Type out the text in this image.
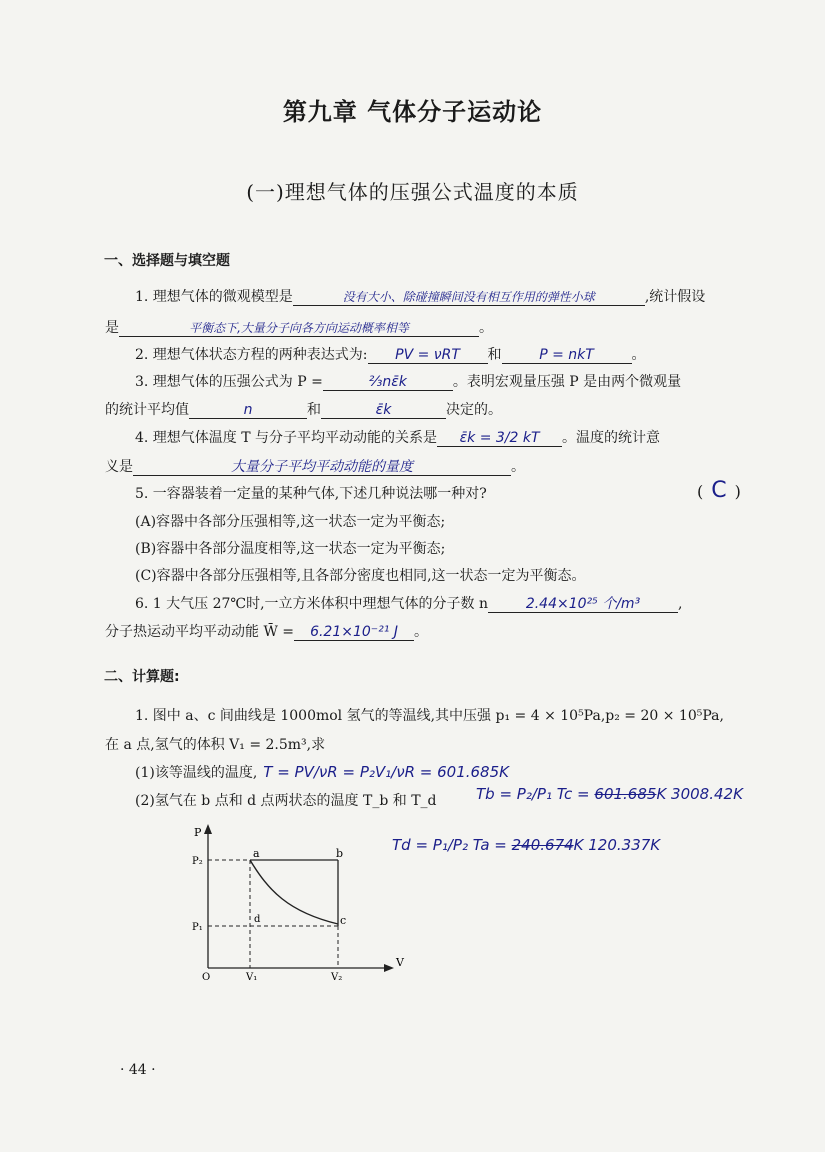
第九章 气体分子运动论
(一)理想气体的压强公式温度的本质
一、选择题与填空题
1. 理想气体的微观模型是	没有大小、除碰撞瞬间没有相互作用的弹性小球	,统计假设
是	平衡态下,大量分子向各方向运动概率相等	。
2. 理想气体状态方程的两种表达式为: PV = νRT 和	P = nkT	。
3. 理想气体的压强公式为 P =	⅔nε̄k	。表明宏观量压强 P 是由两个微观量
的统计平均值	n	和	ε̄k	决定的。
4. 理想气体温度 T 与分子平均平动动能的关系是 ε̄k = 3/2 kT 。温度的统计意
义是	大量分子平均平动动能的量度	。
5. 一容器装着一定量的某种气体,下述几种说法哪一种对?	( C )
(A)容器中各部分压强相等,这一状态一定为平衡态;
(B)容器中各部分温度相等,这一状态一定为平衡态;
(C)容器中各部分压强相等,且各部分密度也相同,这一状态一定为平衡态。
6. 1 大气压 27℃时,一立方米体积中理想气体的分子数 n	2.44×10²⁵ 个/m³	,
分子热运动平均平动动能 W̄ = 6.21×10⁻²¹ J 。
二、计算题:
1. 图中 a、c 间曲线是 1000mol 氢气的等温线,其中压强 p₁ = 4 × 10⁵Pa,p₂ = 20 × 10⁵Pa,
在 a 点,氢气的体积 V₁ = 2.5m³,求
(1)该等温线的温度, T = PV/νR = P₂V₁/νR = 601.685K
(2)氢气在 b 点和 d 点两状态的温度 T_b 和 T_d	Tb = P₂/P₁ Tc = 601.685K 3008.42K
Td = P₁/P₂ Ta = 240.674K 120.337K
P
V
O
P₂
P₁
V₁	V₂
a	b
c
d
· 44 ·
